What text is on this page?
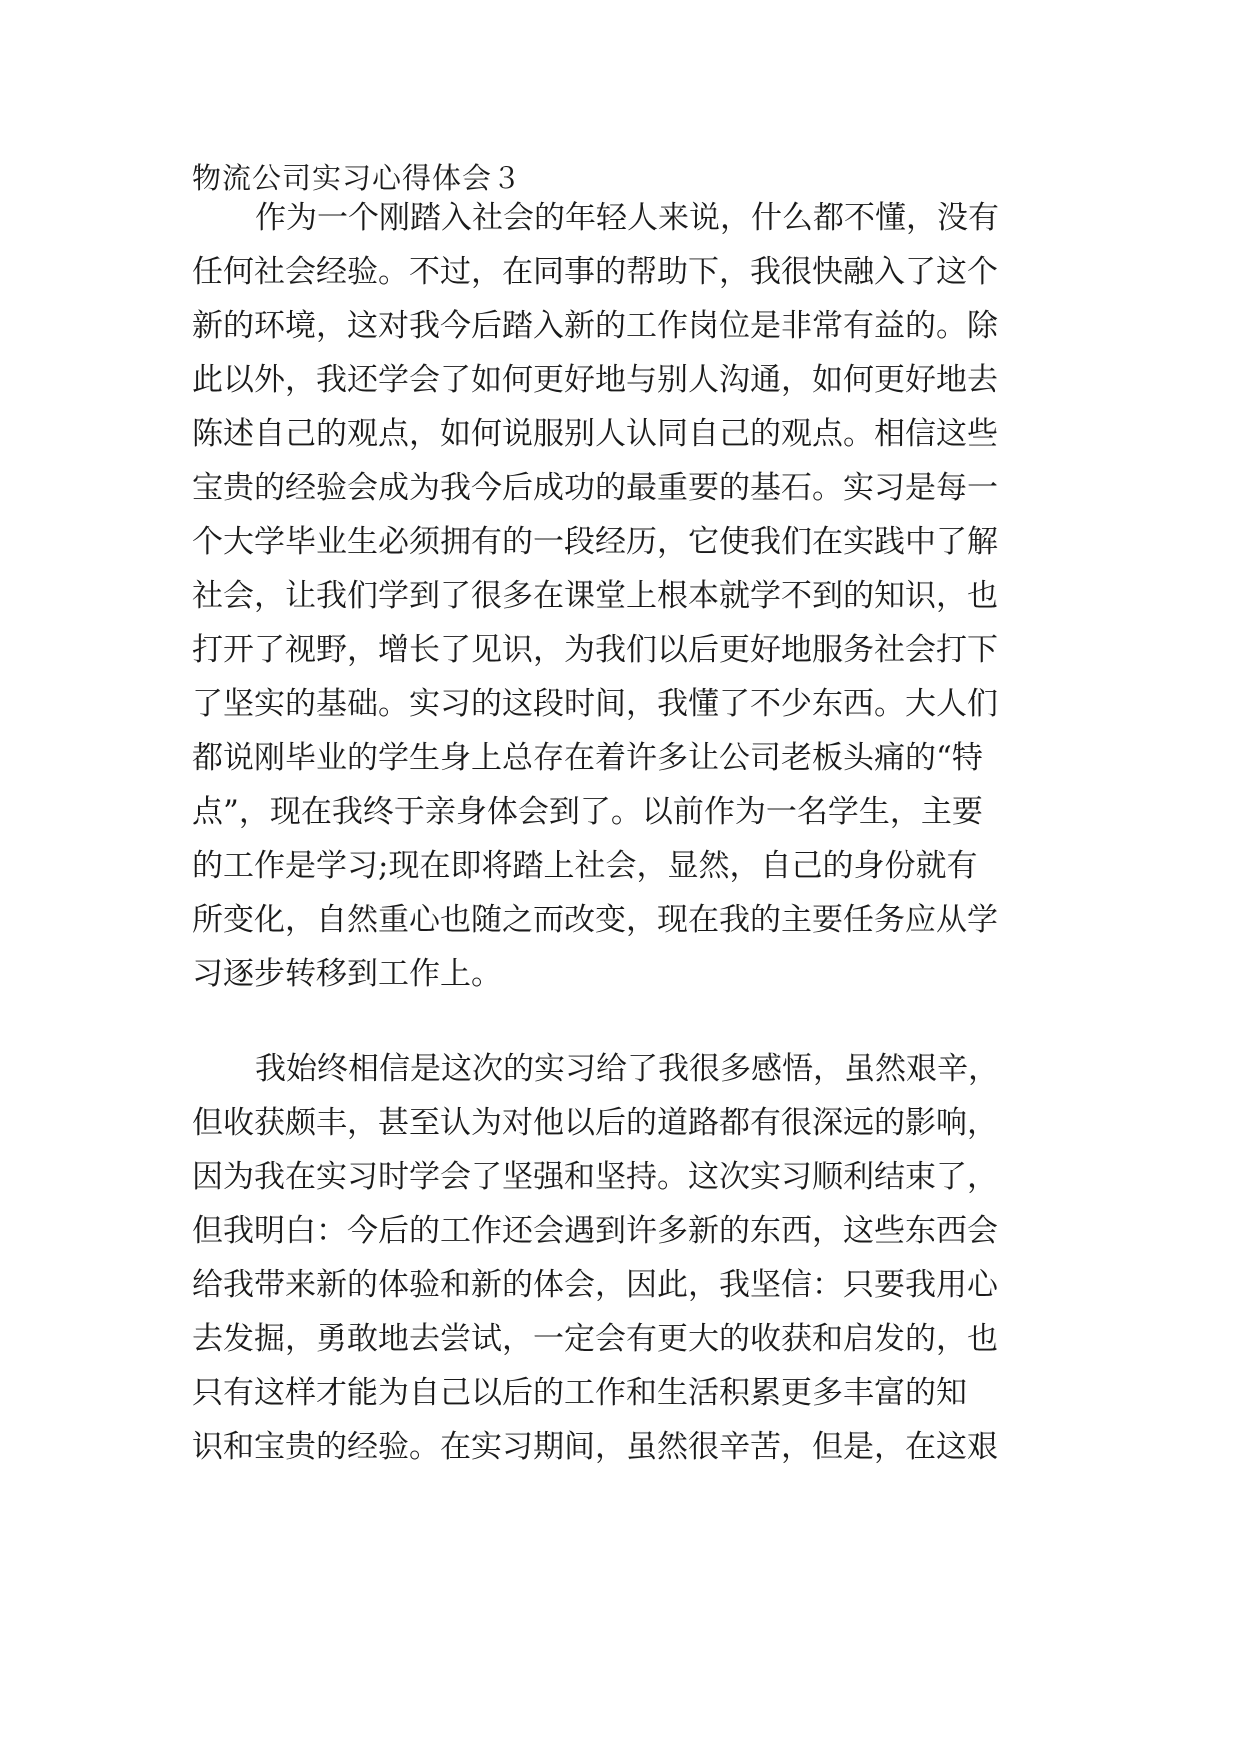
物流公司实习心得体会３
作为一个刚踏入社会的年轻人来说，什么都不懂，没有
任何社会经验。不过，在同事的帮助下，我很快融入了这个
新的环境，这对我今后踏入新的工作岗位是非常有益的。除
此以外，我还学会了如何更好地与别人沟通，如何更好地去
陈述自己的观点，如何说服别人认同自己的观点。相信这些
宝贵的经验会成为我今后成功的最重要的基石。实习是每一
个大学毕业生必须拥有的一段经历，它使我们在实践中了解
社会，让我们学到了很多在课堂上根本就学不到的知识，也
打开了视野，增长了见识，为我们以后更好地服务社会打下
了坚实的基础。实习的这段时间，我懂了不少东西。大人们
都说刚毕业的学生身上总存在着许多让公司老板头痛的“特
点”，现在我终于亲身体会到了。以前作为一名学生，主要
的工作是学习;现在即将踏上社会，显然，自己的身份就有
所变化，自然重心也随之而改变，现在我的主要任务应从学
习逐步转移到工作上。
我始终相信是这次的实习给了我很多感悟，虽然艰辛，
但收获颇丰，甚至认为对他以后的道路都有很深远的影响，
因为我在实习时学会了坚强和坚持。这次实习顺利结束了，
但我明白：今后的工作还会遇到许多新的东西，这些东西会
给我带来新的体验和新的体会，因此，我坚信：只要我用心
去发掘，勇敢地去尝试，一定会有更大的收获和启发的，也
只有这样才能为自己以后的工作和生活积累更多丰富的知
识和宝贵的经验。在实习期间，虽然很辛苦，但是，在这艰
